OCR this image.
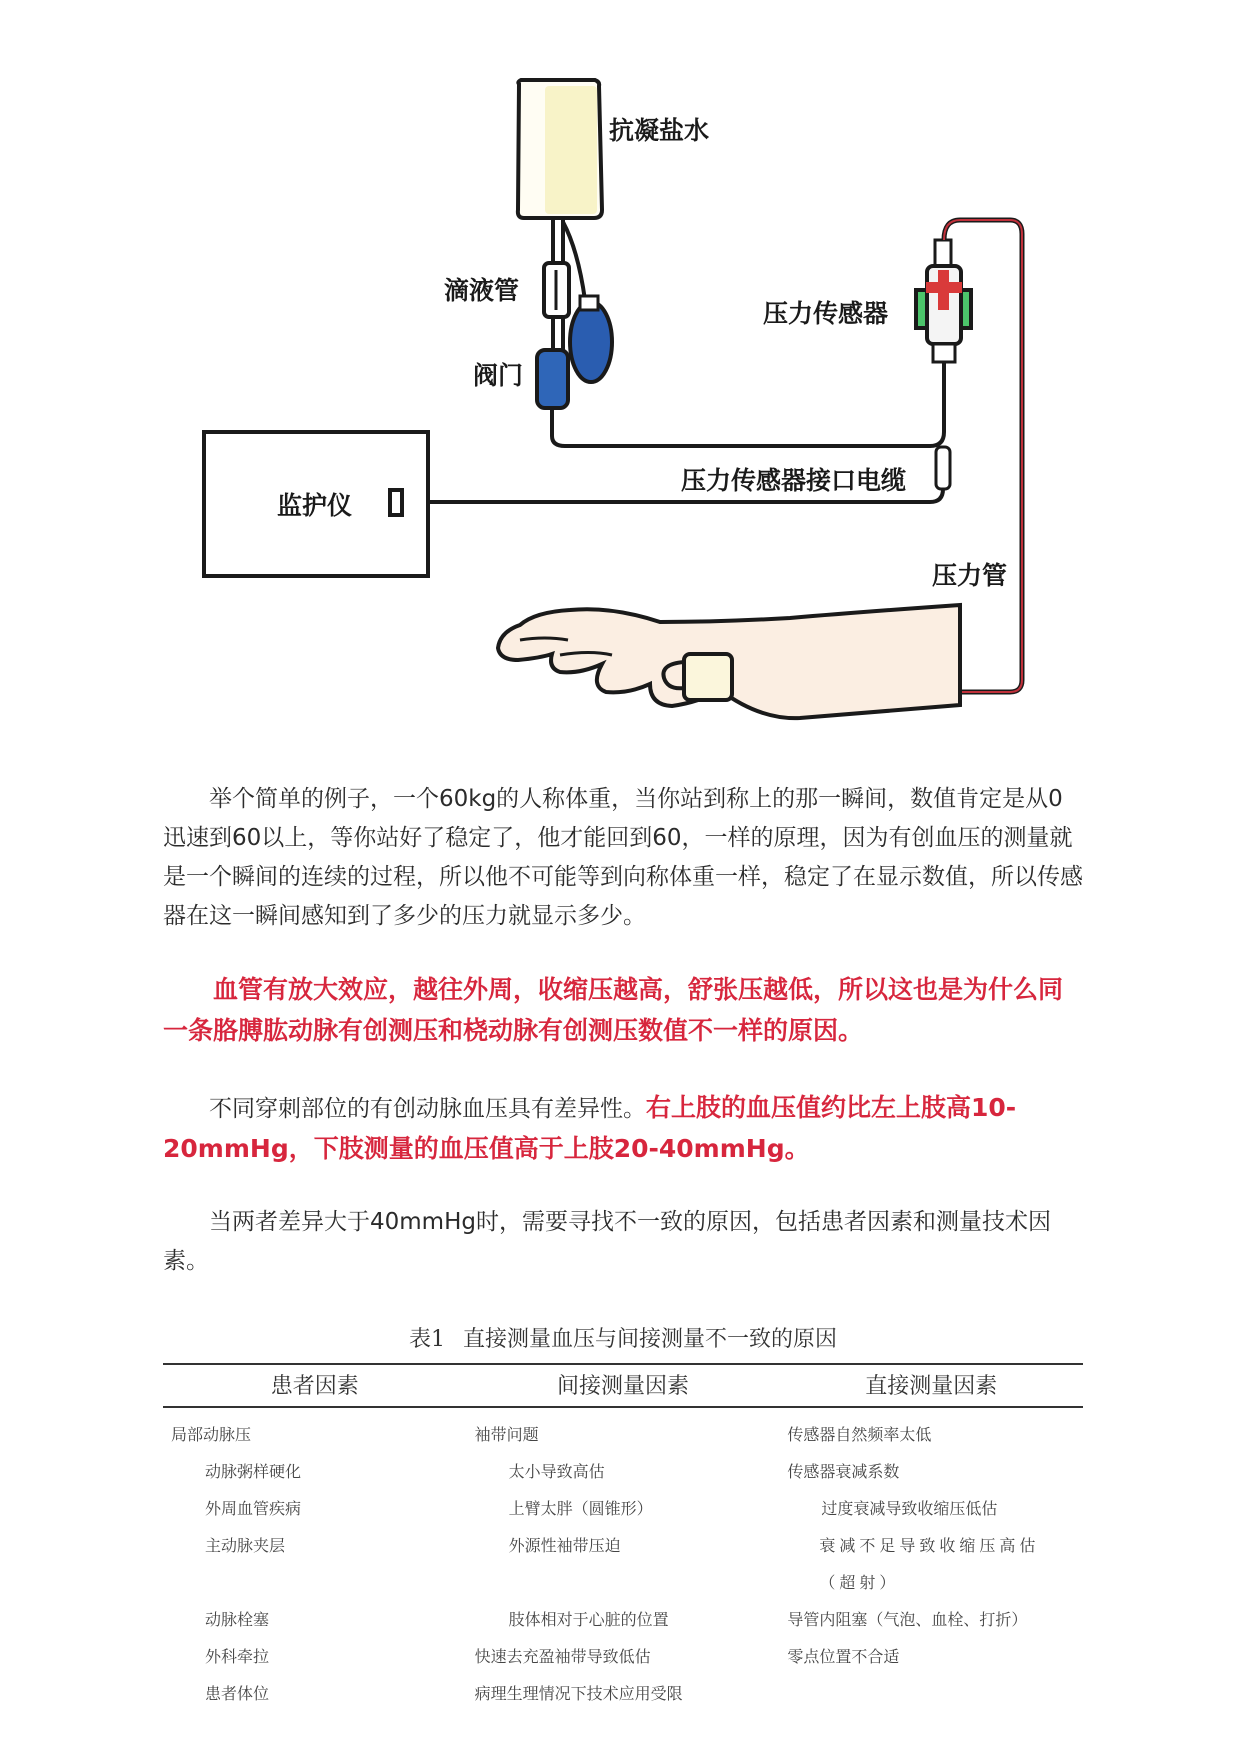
抗凝盐水
滴液管
阀门
压力传感器
监护仪
压力传感器接口电缆
压力管

举个简单的例子，一个60kg的人称体重，当你站到称上的那一瞬间，数值肯定是从0迅速到60以上，等你站好了稳定了，他才能回到60，一样的原理，因为有创血压的测量就是一个瞬间的连续的过程，所以他不可能等到向称体重一样，稳定了在显示数值，所以传感器在这一瞬间感知到了多少的压力就显示多少。

血管有放大效应，越往外周，收缩压越高，舒张压越低，所以这也是为什么同一条胳膊肱动脉有创测压和桡动脉有创测压数值不一样的原因。

不同穿刺部位的有创动脉血压具有差异性。右上肢的血压值约比左上肢高10-20mmHg，下肢测量的血压值高于上肢20-40mmHg。

当两者差异大于40mmHg时，需要寻找不一致的原因，包括患者因素和测量技术因素。

表1 直接测量血压与间接测量不一致的原因

患者因素	间接测量因素	直接测量因素
局部动脉压	袖带问题	传感器自然频率太低
动脉粥样硬化	太小导致高估	传感器衰减系数
外周血管疾病	上臂太胖（圆锥形）	过度衰减导致收缩压低估
主动脉夹层	外源性袖带压迫	衰减不足导致收缩压高估（超射）
动脉栓塞	肢体相对于心脏的位置	导管内阻塞（气泡、血栓、打折）
外科牵拉	快速去充盈袖带导致低估	零点位置不合适
患者体位	病理生理情况下技术应用受限	
